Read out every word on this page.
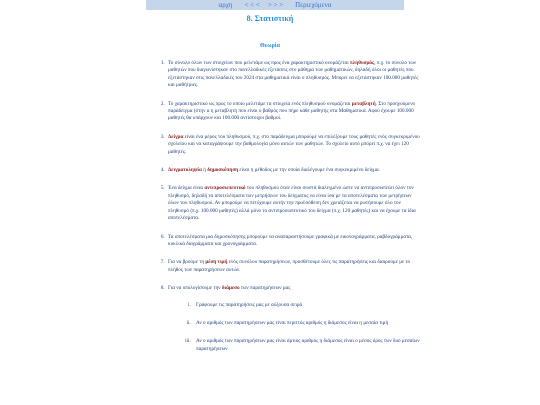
αρχη < < < > > > Περιεχόμενα
8. Στατιστική
Θεωρία
1. Το σύνολο όλων των στοιχείων που μελετάμε ως προς ένα χαρακτηριστικό ονομάζεται πληθυσμός, π.χ. το σύνολο των μαθητών που διαγωνίστηκαν στο πανελλαδικές εξετάσεις στο μάθημα των μαθηματικών, δηλαδή όλοι οι μαθητές που εξετάστηκαν στις πανελλαδικές του 2024 στα μαθηματικά είναι ο πληθυσμός. Μπορεί να εξετάστηκαν 100.000 μαθητές και μαθήτριες.
2. Το χαρακτηριστικό ως προς το οποίο μελετάμε τα στοιχεία ενός πληθυσμού ονομάζεται μεταβλητή. Στο προηγούμενο παράδειγμα (στην α η μεταβλητή που είναι ο βαθμός που πήρε κάθε μαθητής στα Μαθηματικά. Αφού έχουμε 100.000 μαθητές θα υπάρχουν και 100.000 αντίστοιχοι βαθμοί.
3. Δείγμα είναι ένα μέρος του πληθυσμού, π.χ. στο παράδειγμα μπορούμε να επιλέξουμε τους μαθητές ενός συγκεκριμένου σχολείου και να καταγράψουμε την βαθμολογία μόνο αυτών των μαθητών. Το σχολείο αυτό μπορεί π.χ. να έχει 120 μαθητές.
4. Δειγματοληψία ή δημοσκόπηση είναι η μέθοδος με την οποία διαλέγουμε ένα συγκεκριμένο δείγμα.
5. Ένα δείγμα είναι αντιπροσωπευτικό του πληθυσμού όταν είναι σωστά διαλεγμένο ώστε να αντιπροσωπεύει όλον τον πληθυσμό, δηλαδή τα αποτελέσματα των μετρήσεων του δείγματος να είναι ίσα με τα αποτελέσματα των μετρήσεων όλων του πληθυσμού. Αν μπορούμε να πετύχουμε αυτήν την προϋπόθεση δεν χρειάζεται να ρωτήσουμε όλο τον πληθυσμό (π.χ. 100.000 μαθητές) αλλά μόνο το αντιπροσωπευτικό του δείγμα (π.χ. 120 μαθητές) και να έχουμε τα ίδια αποτελέσματα.
6. Τα αποτελέσματα μια δημοσκόπησης μπορούμε να αναπαραστήσουμε γραφικά με εικονογράμματα, ραβδογράμματα, κυκλικά διαγράμματα και χρονογράμματα.
7. Για να βρούμε τη μέση τιμή ενός συνόλου παρατηρήσεων, προσθέτουμε όλες τις παρατηρήσεις και διαιρούμε με το πλήθος των παρατηρήσεων αυτών.
8. Για να υπολογίσουμε την διάμεσο των παρατηρήσεων μας
i. Γράφουμε τις παρατηρήσεις μας με αύξουσα σειρά
ii. Αν ο αριθμός των παρατηρήσεων μας είναι περιττός αριθμός η διάμεσος είναι η μεσαία τιμή
iii. Αν ο αριθμός των παρατηρήσεων μας είναι άρτιος αριθμός η διάμεσος είναι ο μέσος όρος των δυο μεσαίων παρατηρήσεων
